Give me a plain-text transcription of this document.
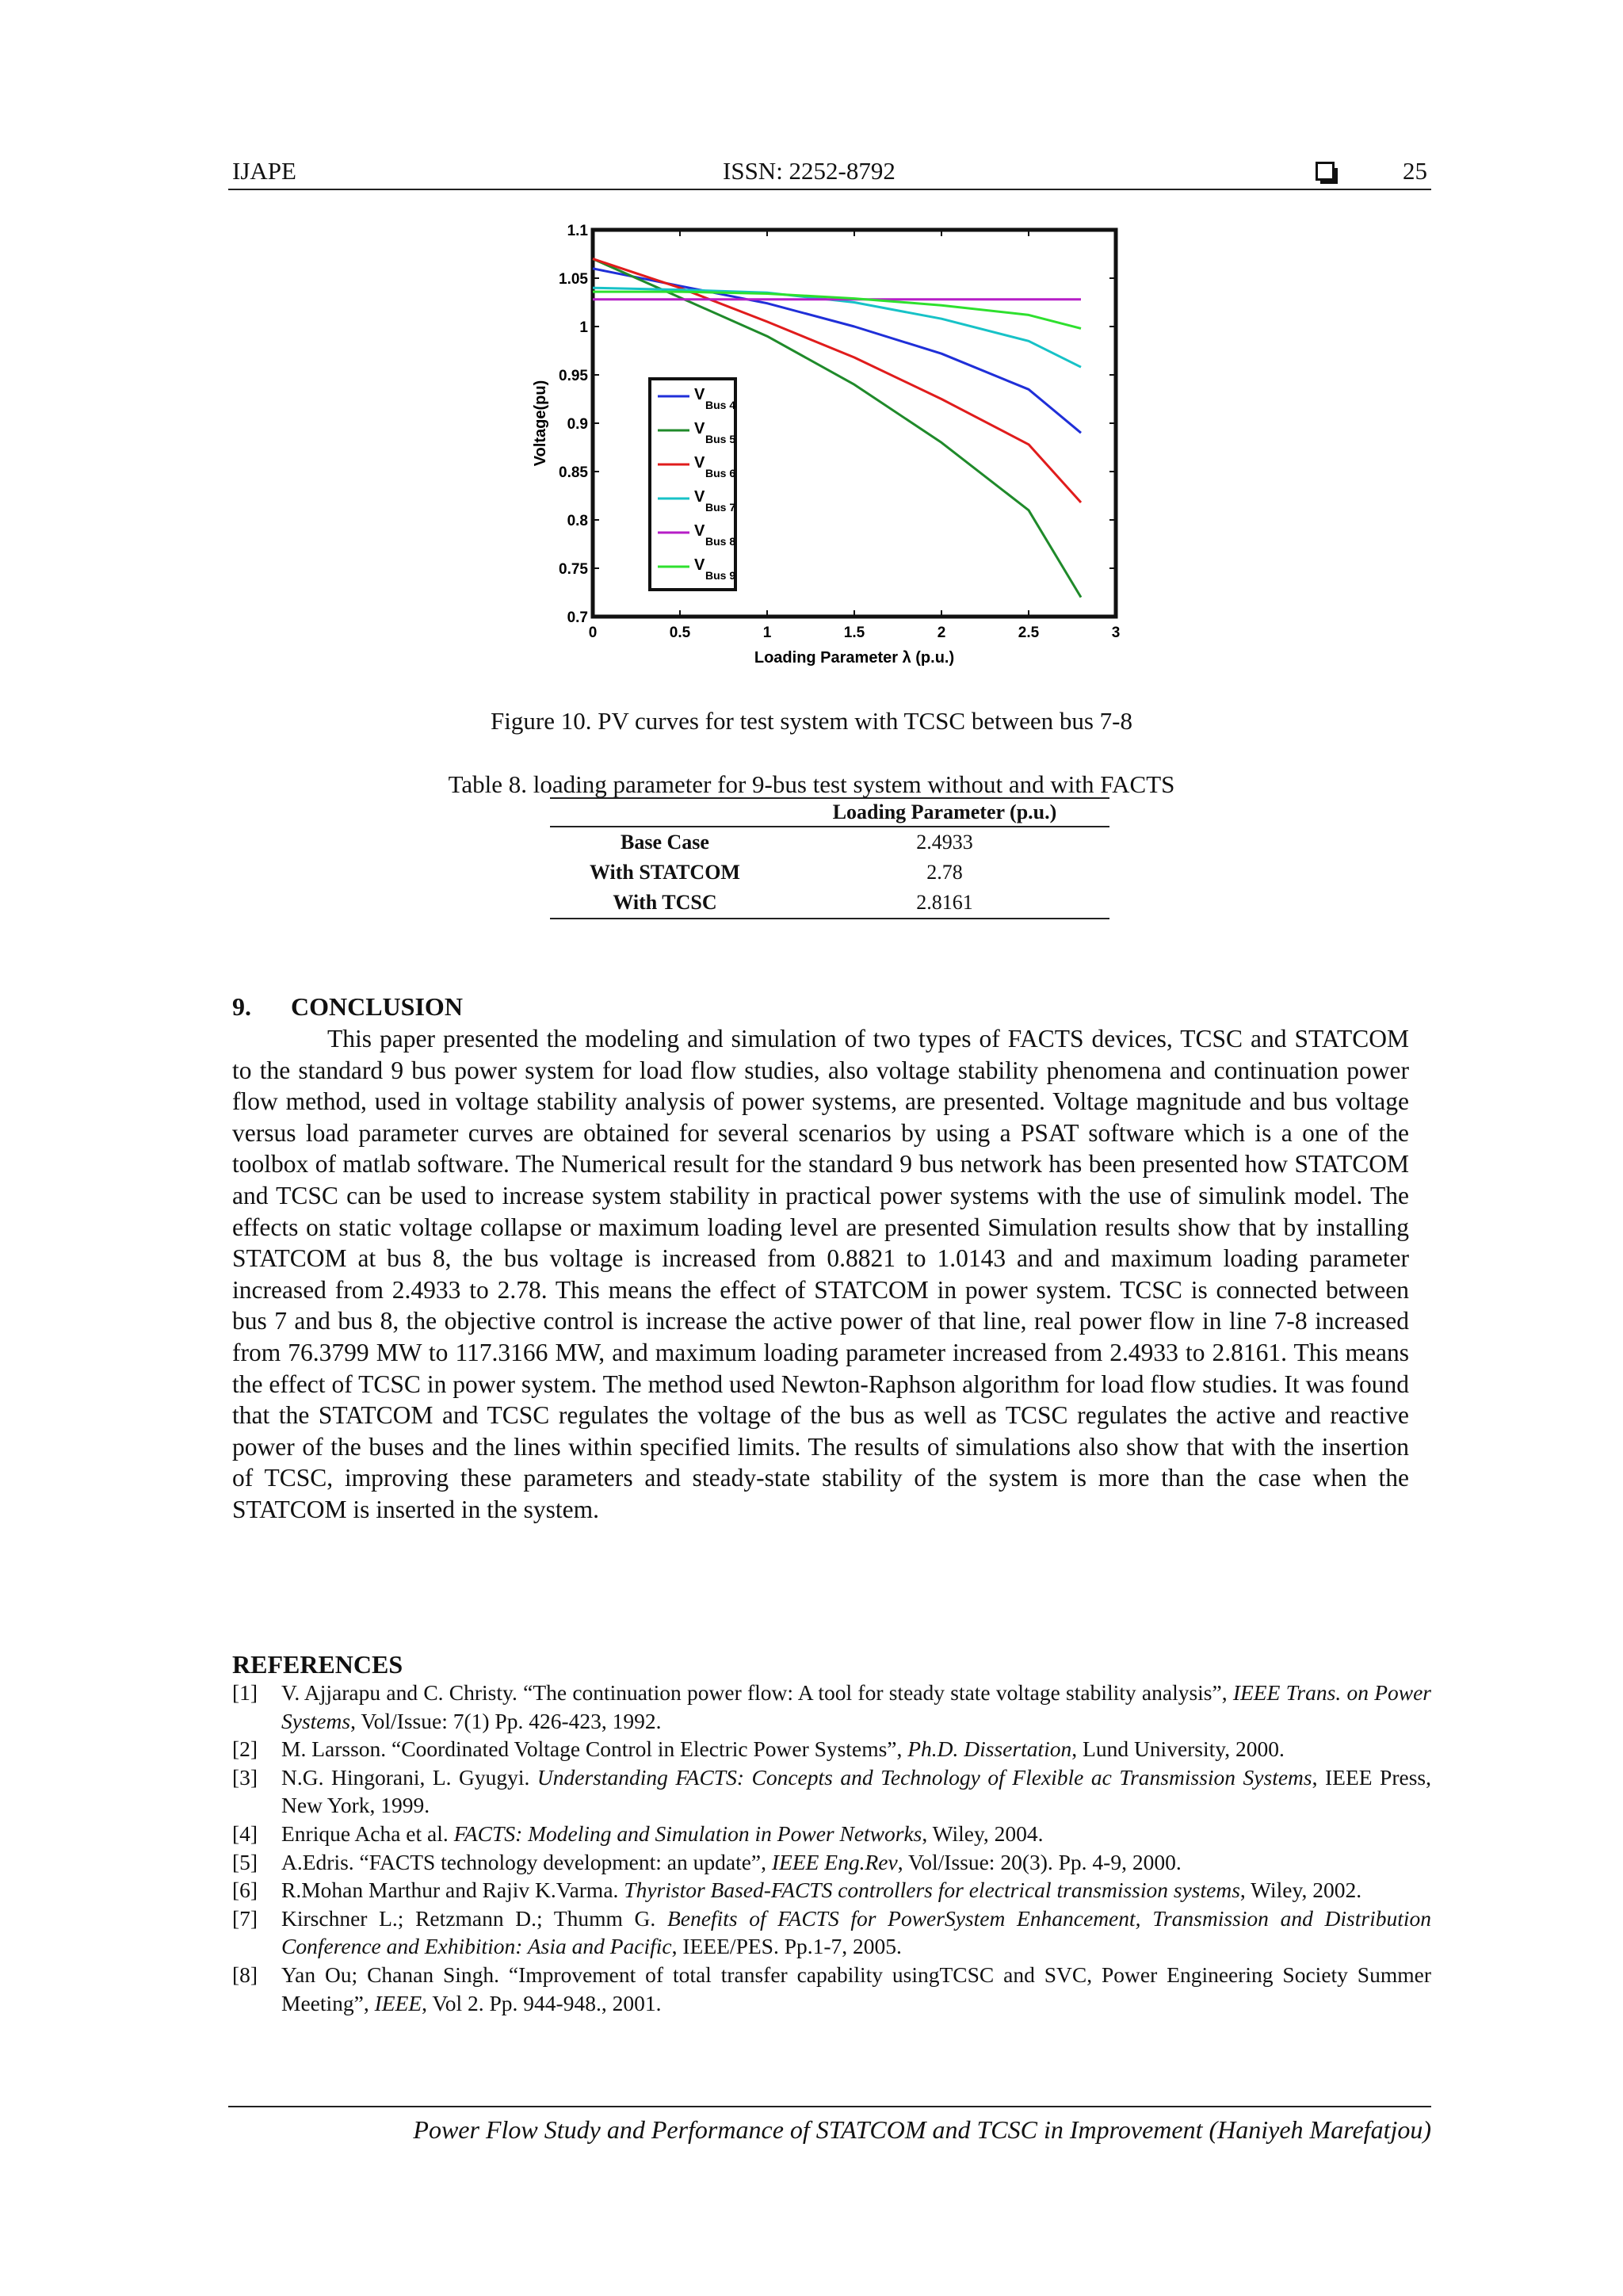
IJAPE	ISSN: 2252-8792	25
0	0.5	1	1.5	2	2.5	3
0.7
0.75
0.8
0.85
0.9
0.95
1
1.05
1.1
Loading Parameter λ (p.u.)
Voltage(pu)	V
Bus 4
V
Bus 5
V
Bus 6
V
Bus 7
V
Bus 8
V
Bus 9
Figure 10. PV curves for test system with TCSC between bus 7-8
Table 8. loading parameter for 9-bus test system without and with FACTS
	Loading Parameter (p.u.)
Base Case	2.4933
With STATCOM	2.78
With TCSC	2.8161
9. CONCLUSION

This paper presented the modeling and simulation of two types of FACTS devices, TCSC and STATCOM to the standard 9 bus power system for load flow studies, also voltage stability phenomena and continuation power flow method, used in voltage stability analysis of power systems, are presented. Voltage magnitude and bus voltage versus load parameter curves are obtained for several scenarios by using a PSAT software which is a one of the toolbox of matlab software. The Numerical result for the standard 9 bus network has been presented how STATCOM and TCSC can be used to increase system stability in practical power systems with the use of simulink model. The effects on static voltage collapse or maximum loading level are presented Simulation results show that by installing STATCOM at bus 8, the bus voltage is increased from 0.8821 to 1.0143 and and maximum loading parameter increased from 2.4933 to 2.78. This means the effect of STATCOM in power system. TCSC is connected between bus 7 and bus 8, the objective control is increase the active power of that line, real power flow in line 7-8 increased from 76.3799 MW to 117.3166 MW, and maximum loading parameter increased from 2.4933 to 2.8161. This means the effect of TCSC in power system. The method used Newton-Raphson algorithm for load flow studies. It was found that the STATCOM and TCSC regulates the voltage of the bus as well as TCSC regulates the active and reactive power of the buses and the lines within specified limits. The results of simulations also show that with the insertion of TCSC, improving these parameters and steady-state stability of the system is more than the case when the STATCOM is inserted in the system.

REFERENCES
[1]	V. Ajjarapu and C. Christy. “The continuation power flow: A tool for steady state voltage stability analysis”, IEEE Trans. on Power Systems, Vol/Issue: 7(1) Pp. 426-423, 1992.
[2]	M. Larsson. “Coordinated Voltage Control in Electric Power Systems”, Ph.D. Dissertation, Lund University, 2000.
[3]	N.G. Hingorani, L. Gyugyi. Understanding FACTS: Concepts and Technology of Flexible ac Transmission Systems, IEEE Press, New York, 1999.
[4]	Enrique Acha et al. FACTS: Modeling and Simulation in Power Networks, Wiley, 2004.
[5]	A.Edris. “FACTS technology development: an update”, IEEE Eng.Rev, Vol/Issue: 20(3). Pp. 4-9, 2000.
[6]	R.Mohan Marthur and Rajiv K.Varma. Thyristor Based-FACTS controllers for electrical transmission systems, Wiley, 2002.
[7]	Kirschner L.; Retzmann D.; Thumm G. Benefits of FACTS for PowerSystem Enhancement, Transmission and Distribution Conference and Exhibition: Asia and Pacific, IEEE/PES. Pp.1-7, 2005.
[8]	Yan Ou; Chanan Singh. “Improvement of total transfer capability usingTCSC and SVC, Power Engineering Society Summer Meeting”, IEEE, Vol 2. Pp. 944-948., 2001.
Power Flow Study and Performance of STATCOM and TCSC in Improvement (Haniyeh Marefatjou)
